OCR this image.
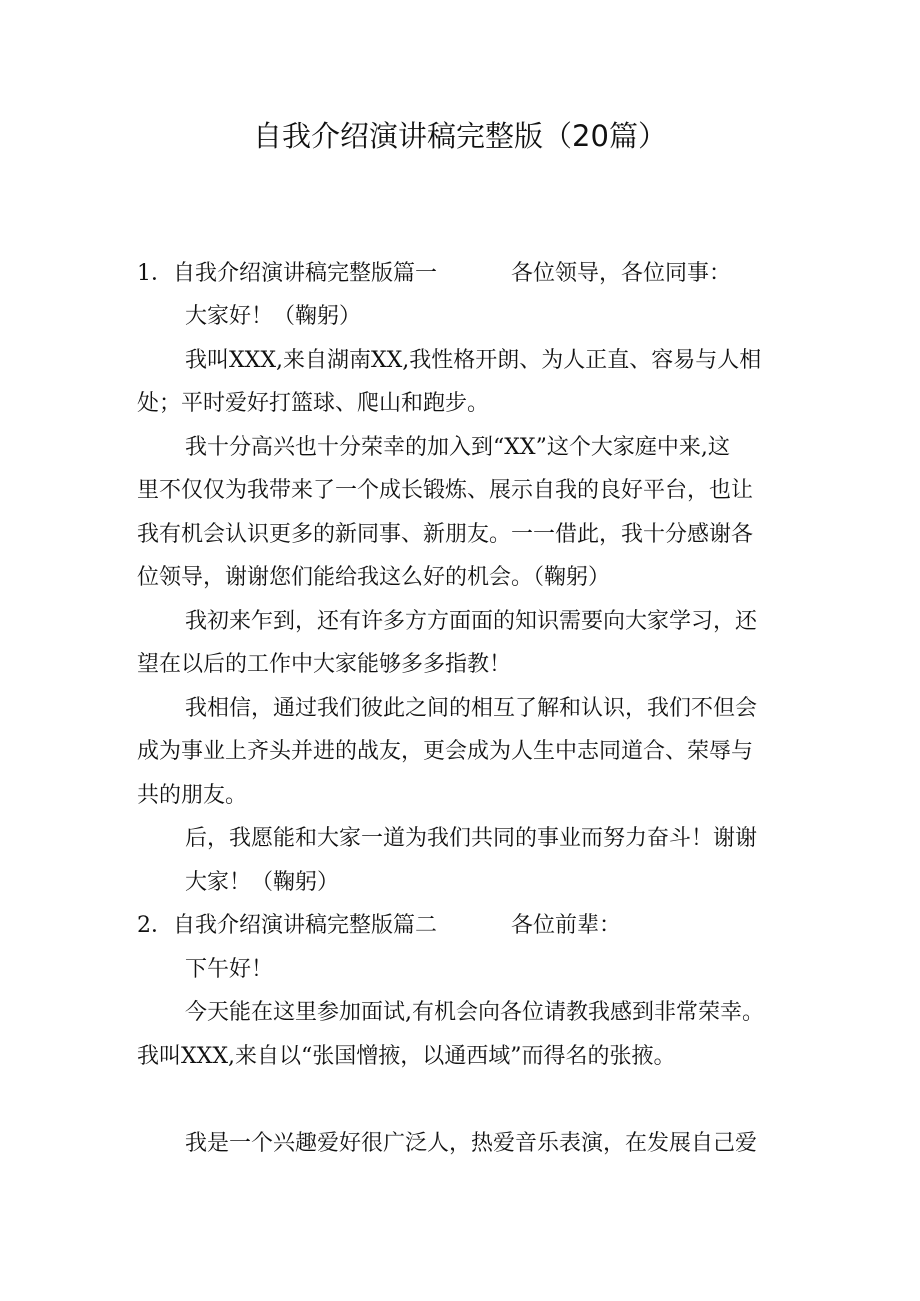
自我介绍演讲稿完整版（20篇）
1．自我介绍演讲稿完整版篇一	各位领导，各位同事：

大家好！（鞠躬）

我叫XXX,来自湖南XX,我性格开朗、为人正直、容易与人相

处；平时爱好打篮球、爬山和跑步。

我十分高兴也十分荣幸的加入到“XX”这个大家庭中来,这

里不仅仅为我带来了一个成长锻炼、展示自我的良好平台，也让

我有机会认识更多的新同事、新朋友。一一借此，我十分感谢各

位领导，谢谢您们能给我这么好的机会。（鞠躬）

我初来乍到，还有许多方方面面的知识需要向大家学习，还

望在以后的工作中大家能够多多指教！

我相信，通过我们彼此之间的相互了解和认识，我们不但会

成为事业上齐头并进的战友，更会成为人生中志同道合、荣辱与

共的朋友。

后，我愿能和大家一道为我们共同的事业而努力奋斗！谢谢

大家！（鞠躬）

2．自我介绍演讲稿完整版篇二	各位前辈：

下午好！

今天能在这里参加面试,有机会向各位请教我感到非常荣幸。

我叫XXX,来自以“张国憎掖，以通西域”而得名的张掖。

我是一个兴趣爱好很广泛人，热爱音乐表演，在发展自己爱
